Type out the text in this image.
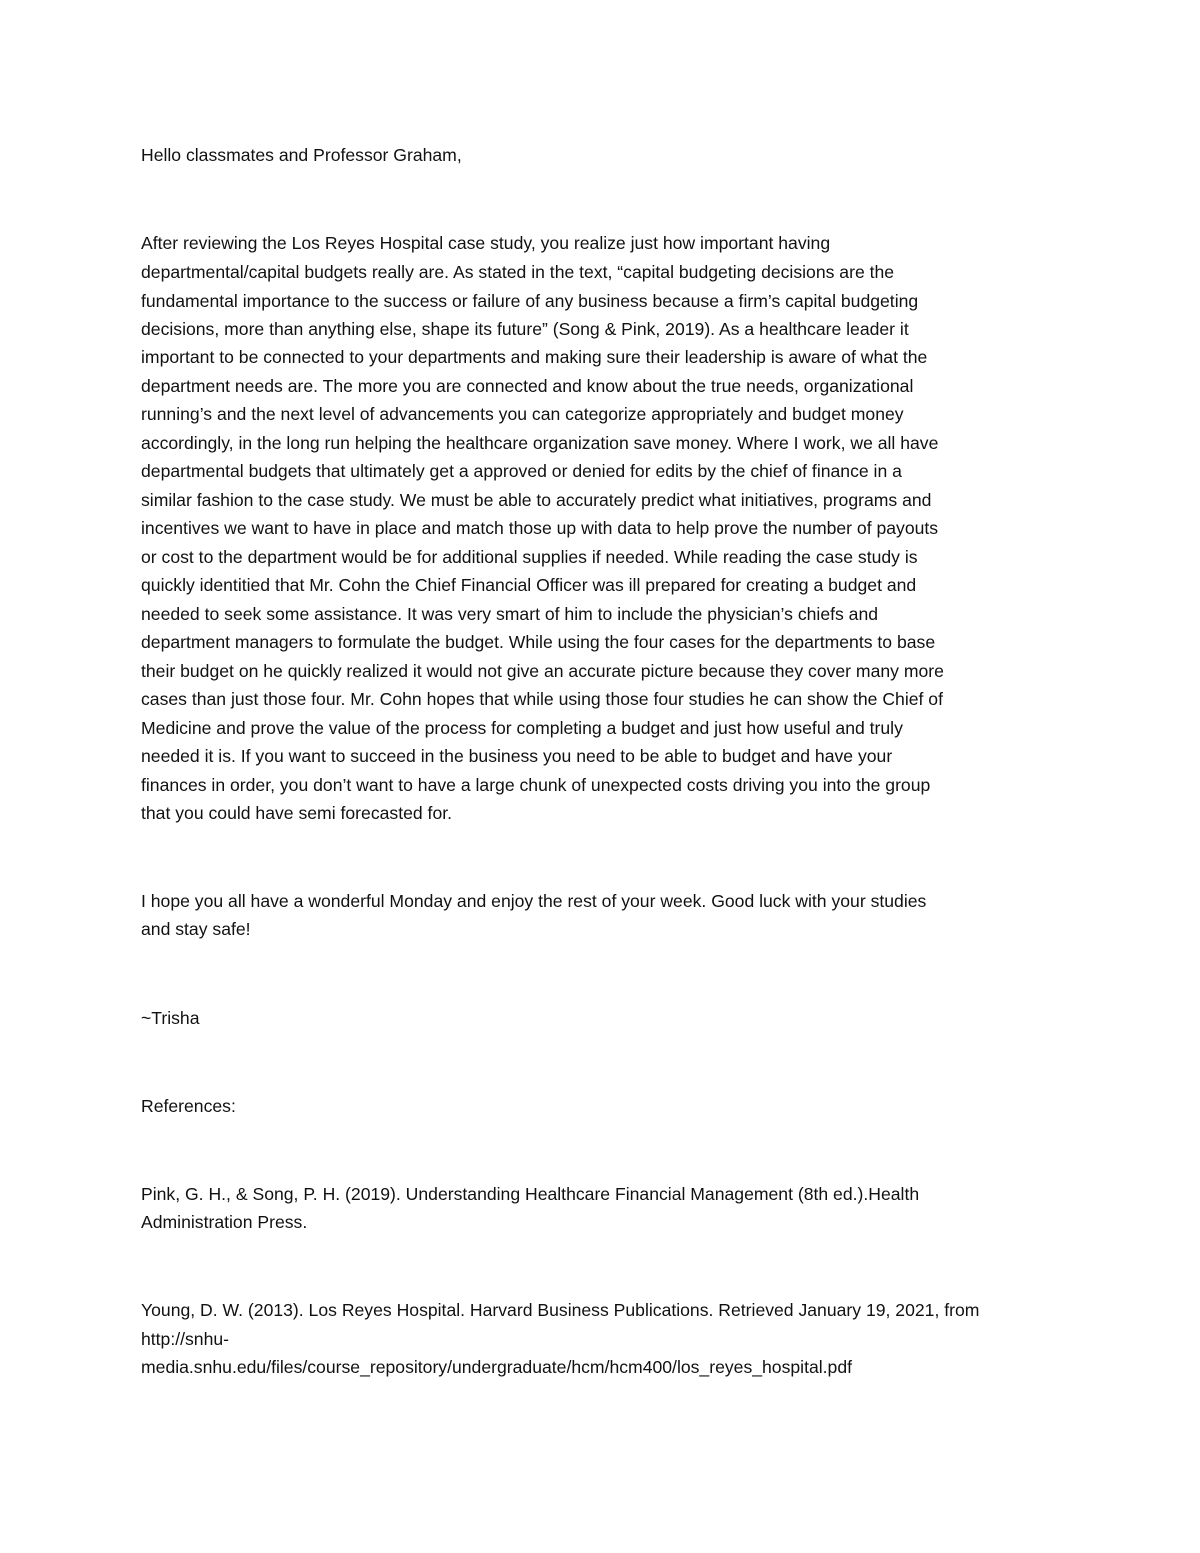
Hello classmates and Professor Graham,

After reviewing the Los Reyes Hospital case study, you realize just how important having

departmental/capital budgets really are. As stated in the text, “capital budgeting decisions are the

fundamental importance to the success or failure of any business because a firm’s capital budgeting

decisions, more than anything else, shape its future” (Song & Pink, 2019). As a healthcare leader it

important to be connected to your departments and making sure their leadership is aware of what the

department needs are. The more you are connected and know about the true needs, organizational

running’s and the next level of advancements you can categorize appropriately and budget money

accordingly, in the long run helping the healthcare organization save money. Where I work, we all have

departmental budgets that ultimately get a approved or denied for edits by the chief of finance in a

similar fashion to the case study. We must be able to accurately predict what initiatives, programs and

incentives we want to have in place and match those up with data to help prove the number of payouts

or cost to the department would be for additional supplies if needed. While reading the case study is

quickly identitied that Mr. Cohn the Chief Financial Officer was ill prepared for creating a budget and

needed to seek some assistance. It was very smart of him to include the physician’s chiefs and

department managers to formulate the budget. While using the four cases for the departments to base

their budget on he quickly realized it would not give an accurate picture because they cover many more

cases than just those four. Mr. Cohn hopes that while using those four studies he can show the Chief of

Medicine and prove the value of the process for completing a budget and just how useful and truly

needed it is. If you want to succeed in the business you need to be able to budget and have your

finances in order, you don’t want to have a large chunk of unexpected costs driving you into the group

that you could have semi forecasted for.

I hope you all have a wonderful Monday and enjoy the rest of your week. Good luck with your studies

and stay safe!

~Trisha

References:

Pink, G. H., & Song, P. H. (2019). Understanding Healthcare Financial Management (8th ed.).Health

Administration Press.

Young, D. W. (2013). Los Reyes Hospital. Harvard Business Publications. Retrieved January 19, 2021, from

http://snhu-

media.snhu.edu/files/course_repository/undergraduate/hcm/hcm400/los_reyes_hospital.pdf
